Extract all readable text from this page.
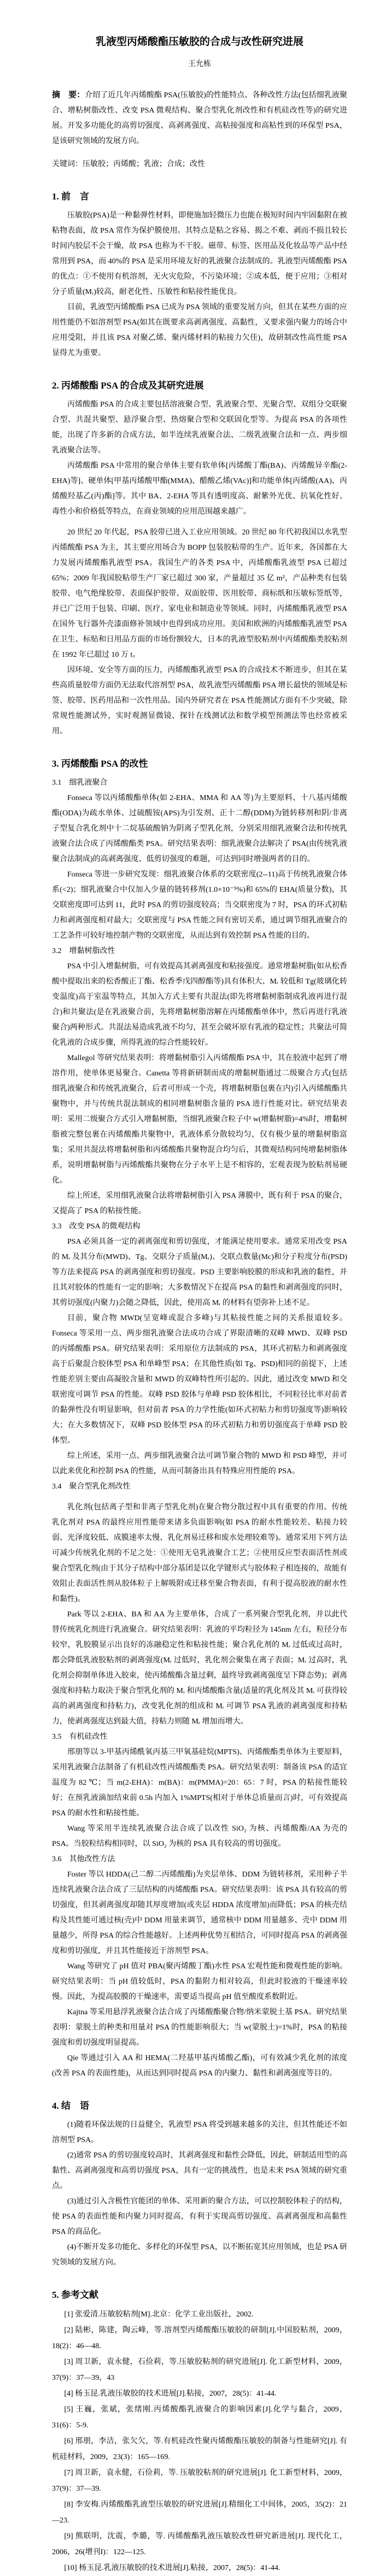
乳液型丙烯酸酯压敏胶的合成与改性研究进展
王允栋

摘　要：介绍了近几年丙烯酸酯 PSA(压敏胶)的性能特点、各种改性方法(包括细乳液聚合、增粘树脂改性、改变 PSA 微观结构、聚合型乳化剂改性和有机硅改性等)的研究进展。开发多功能化的高剪切强度、高剥离强度、高粘接强度和高粘性到的环保型 PSA，是该研究领域的发展方向。

关键词：压敏胶；丙烯酸；乳液；合成；改性

1. 前　言

压敏胶(PSA)是一种黏弹性材料，即便施加轻微压力也能在极短时间内牢固黏附在被粘物表面，故 PSA 常作为保护膜使用。其特点是粘之容易、揭之不难、剥而不损且较长时间内胶层不会干燥，故 PSA 也称为不干胶。磁带、标签、医用品及化妆品等产品中经常用到 PSA，而 40%的 PSA 是采用环境友好的乳液聚合法制成的。乳液型丙烯酸酯 PSA 的优点：①不使用有机溶剂，无火灾危险，不污染环境；②成本低，便于应用；③相对分子质量(Mᵣ)较高，耐老化性、压敏性和粘接性能优良。

目前，乳液型丙烯酸酯 PSA 已成为 PSA 领域的重要发展方向，但其在某些方面的应用性能仍不如溶剂型 PSA(如其在既要求高剥离强度、高黏性，又要求强内聚力的场合中应用受阻，并且该 PSA 对聚乙烯、聚丙烯材料的粘接力欠佳)，故研制改性高性能 PSA 显得尤为重要。

2. 丙烯酸酯 PSA 的合成及其研究进展

丙烯酸酯 PSA 的合成主要包括溶液聚合型、乳液聚合型、光聚合型、双组分交联聚合型、共混共聚型、悬浮聚合型、热熔聚合型和交联固化型等。为提高 PSA 的各项性能，出现了许多新的合成方法，如半连续乳液聚合法、二级乳液聚合法和一点、两步细乳液聚合法等。

丙烯酸酯 PSA 中常用的聚合单体主要有软单体[丙烯酸丁酯(BA)、丙烯酸异辛酯(2-EHA)等]、硬单体[甲基丙烯酸甲酯(MMA)、醋酸乙烯(VAc)]和功能单体[丙烯酸(AA)、丙烯酸羟基乙(丙)酯]等。其中 BA、2-EHA 等具有透明度高、耐紫外光优、抗氧化性好、毒性小和价格低等特点，在商业领域的应用范围越来越广。

20 世纪 20 年代起，PSA 胶带已进入工业应用领域。20 世纪 80 年代初我国以水乳型丙烯酸酯 PSA 为主，其主要应用场合为 BOPP 包装胶粘带的生产。近年来，各国都在大力发展丙烯酸酯乳液型 PSA。我国生产的各类 PSA 中，丙烯酸酯乳液型 PSA 已超过 65%；2009 年我国胶粘带生产厂家已超过 300 家，产量超过 35 亿 m²，产品种类有包装胶带、电气绝缘胶带、表面保护胶带、双面胶带、医用胶带、商标纸和压敏标签纸等，并已广泛用于包装、印刷、医疗、家电业和制造业等领域。同时，丙烯酸酯乳液型 PSA 在国外飞行器外壳漆面修补领域中也得到成功应用。美国和欧洲的丙烯酸酯乳液型 PSA 在卫生、标贴和日用品方面的市场份额较大，日本的乳液型胶粘剂中丙烯酸酯类胶粘剂在 1992 年已超过 10 万 t。

因环境、安全等方面的压力，丙烯酸酯乳液型 PSA 的合成技术不断进步，但其在某些高质量胶带方面仍无法取代溶剂型 PSA，故乳液型丙烯酸酯 PSA 增长最快的领域是标签、胶带、医药用品和一次性用品。国内外研究者在 PSA 性能测试方面有不少突破，除常规性能测试外，实时观测显微镜、探针在线测试法和数学模型预测法等也经常被采用。

3. 丙烯酸酯 PSA 的改性
3.1　细乳液聚合

Fonseca 等以丙烯酸酯单体(如 2-EHA、MMA 和 AA 等)为主要原料、十八基丙烯酸酯(ODA)为疏水单体、过硫酸铵(APS)为引发剂、正十二醇(DDM)为链转移剂和阴/非离子型复合乳化剂中十二烷基硫酸钠为阴离子型乳化剂，分别采用细乳液聚合法和传统乳液聚合法合成了丙烯酸酯类 PSA。研究结果表明：细乳液聚合法解决了 PSA(由传统乳液聚合法制成)的高剥离强度、低剪切强度的难题，可达到同时增强两者的目的。

Fonseca 等进一步研究发现：细乳液聚合体系的交联密度(2--11)高于传统乳液聚合体系(<2)；细乳液聚合中仅加入少量的链转移剂(1.0×10⁻⁵%)和 65%的 EHA(质量分数)，其交联密度即可达到 11，此时 PSA 的剪切强度较高；当交联密度为 7 时，PSA 的环式初粘力和剥离强度相对最大；交联密度与 PSA 性能之间有密切关系，通过调节细乳液聚合的工艺条件可较好地控制产物的交联密度，从而达到有效控制 PSA 性能的目的。

3.2　增黏树脂改性

PSA 中引入增黏树脂，可有效提高其剥离强度和粘接强度。通常增黏树脂(如从松香酸中提取出来的松香酸正丁酯、松香季戊四醇酯等)具有体积大、Mᵣ 较低和 Tg(玻璃化转变温度)高于室温等特点，其加入方式主要有共混法(即先将增黏树脂制成乳液再进行混合)和共聚法(是在乳液聚合前，先将增黏树脂溶解在丙烯酸酯单体中，然后再进行乳液聚合)两种形式。共混法易造成乳液不均匀，甚至会破坏原有乳液的稳定性；共聚法可简化乳液的合成步骤，所得乳液的综合性能较好。

Mallegol 等研究结果表明：将增黏树脂引入丙烯酸酯 PSA 中，其在胶液中起到了增溶作用，使单体更易聚合。Canetta 等将新研制而成的增黏树脂通过二级聚合方式(包括细乳液聚合和传统乳液聚合，后者可形成一个壳，将增黏树脂包裹在内)引入丙烯酸酯共聚物中，并与传统共混法制成的相同增黏树脂含量的 PSA 进行性能对比。研究结果表明：采用二级聚合方式引入增黏树脂，当细乳液聚合粒子中 w(增黏树脂)=4%时，增黏树脂被完整包裹在丙烯酸酯共聚物中，乳液体系分散较均匀，仅有极少量的增黏树脂富集；采用共混法将增黏树脂和丙烯酸酯共聚物混合均匀后，其微观结构同纯增黏树脂体系，说明增黏树脂与丙烯酸酯共聚物在分子水平上是不相容的，宏观表现为胶粘剂易硬化。

综上所述，采用细乳液聚合法将增黏树脂引入 PSA 薄膜中，既有利于 PSA 的聚合，又提高了 PSA 的粘接性能。

3.3　改变 PSA 的微观结构

PSA 必须具备一定的剥离强度和剪切强度，才能满足使用要求。通常采用改变 PSA 的 Mᵣ 及其分布(MWD)、Tg、交联分子质量(Mₑ)、交联点数量(Mc)和分子粒度分布(PSD)等方法来提高 PSA 的剥离强度和剪切强度。PSD 主要影响胶膜的形成和乳液的黏性，并且其对胶体的性能有一定的影响；大多数情况下在提高 PSA 的黏性和剥离强度的同时，其剪切强度(内聚力)会随之降低，因此，使用高 Mᵣ 的材料有望弥补上述不足。

目前，聚合物 MWD(呈宽峰或混合多峰)与其粘接性能之间的关系报道较多。Fonseca 等采用一点、两步细乳液聚合法成功合成了界限清晰的双峰 MWD、双峰 PSD 的丙烯酸酯 PSA。研究结果表明：采用原位方法制成的 PSA，其环式初粘力和剥离强度高于后聚混合胶体型 PSA 和单峰型 PSA；在其他性质(如 Tg、PSD)相同的前提下，上述性能差别主要由高凝胶含量和 MWD 的双峰特性所引起的。因此，通过改变 MWD 和交联密度可调节 PSA 的性能。双峰 PSD 胶体与单峰 PSD 胶体相比，不同粒径比率对前者的黏弹性没有明显影响，但对前者 PSA 的力学性能(如环式初粘力和剪切强度等)影响较大；在大多数情况下，双峰 PSD 胶体型 PSA 的环式初粘力和剪切强度高于单峰 PSD 胶体型。

综上所述，采用一点、两步细乳液聚合法可调节聚合物的 MWD 和 PSD 峰型，并可以此来优化和控制 PSA 的性能，从而可制备出具有特殊应用性能的 PSA。

3.4　聚合型乳化剂改性

乳化剂(包括离子型和非离子型乳化剂)在聚合物分散过程中具有重要的作用。传统乳化剂对 PSA 的最终应用性能带来诸多负面影响(如 PSA 的耐水性能较差、粘接力较弱、光泽度较低、成膜速率太慢、乳化剂易迁移和废水处理较难等)。通常采用下列方法可减少传统乳化剂的不足之处：①使用无皂乳液聚合工艺；②使用反应型表面活性剂或聚合型乳化剂(由于其分子结构中部分基团是以化学键形式与胶体粒子相连接的，故能有效阻止表面活性剂从胶体粒子上解吸附或迁移至聚合物表面，有利于提高胶液的耐水性和黏性)。

Park 等以 2-EHA、BA 和 AA 为主要单体，合成了一系列聚合型乳化剂，并以此代替传统乳化剂进行乳液聚合。研究结果表明：乳液的平均粒径为 145nm 左右，粒径分布较窄，乳胶膜显示出良好的冻融稳定性和粘接性能；聚合乳化剂的 Mᵣ 过低或过高时，都会降低乳液胶粘剂的剥离强度(Mᵣ 过低时，乳化剂会聚集在离子表面；Mᵣ 过高时，乳化剂会抑制单体进入胶束，使丙烯酸酯含量过剩，最终导致剥离强度呈下降态势)；剥离强度和持粘力取决于聚合型乳化剂的 Mᵣ 和丙烯酸酯含量(适量的乳化剂及其 Mᵣ 可获得较高的剥离强度和持粘力)，改变乳化剂的组成和 Mᵣ 可调节 PSA 乳液的剥离强度和持粘力，使剥离强度达到最大值，持粘力则随 Mᵣ 增加而增大。

3.5　有机硅改性

邢朋等以 3-甲基丙烯酰氧丙基三甲氧基硅烷(MPTS)、丙烯酸酯类单体为主要原料，采用乳液聚合法制备了有机硅改性丙烯酸酯类 PSA。研究结果表明：制备该 PSA 的适宜温度为 82 ℃；当 m(2-EHA)：m(BA)：m(PMMA)=20：65：7 时，PSA 的粘接性能较好；在预乳液滴加结束前 0.5h 内加入 1%MPTS(相对于单体总质量而言)时，可有效提高 PSA 的耐水性和粘接性能。

Wang 等采用半连续乳液聚合法合成了以改性 SiO₂ 为核、丙烯酸酯/AA 为壳的 PSA。当胶粒结构相同时，以 SiO₂ 为核的 PSA 具有较高的剪切强度。

3.6　其他改性方法

Foster 等以 HDDA(己二醇二丙烯酸酯)为夹层单体、DDM 为链转移剂，采用种子半连续乳液聚合法合成了三层结构的丙烯酸酯 PSA。研究结果表明：该 PSA 具有较高的剪切强度，但其剥离强度却随其厚度增加(或夹层 HDDA 浓度增加)而降低；PSA 的核壳结构及其性能可通过核(壳)中 DDM 用量来调节，通常核中 DDM 用量越多、壳中 DDM 用量越少，所得 PSA 的综合性能越好。上述两种优势互相结合，可同时提高 PSA 的剥离强度和剪切强度，并且其性能接近于溶剂型 PSA。

Wang 等研究了 pH 值对 PBA(聚丙烯酸丁酯)水性 PSA 宏观性能和微观性能的影响。研究结果表明：当 pH 值较低时，PSA 的黏附力相对较高，但此时胶液的干燥速率较慢。因此，为提高胶膜的干燥速率，需要适当提高 pH 值至酸度系数附近。

Kajtna 等采用悬浮乳液聚合法合成了丙烯酸酯聚合物/纳米蒙脱土基 PSA。研究结果表明：蒙脱土的种类和用量对 PSA 的性能影响很大；当 w(蒙脱土)=1%时，PSA 的粘接强度和剪切强度明显提高。

Qie 等通过引入 AA 和 HEMA(二羟基甲基丙烯酸乙酯)，可有效减少乳化剂的浓度(改善 PSA 的表面性能)，从而达到同时提高 PSA 的内聚力、黏性和剥离强度等目的。

4. 结　语

(1)随着环保法规的日益健全，乳液型 PSA 将受到越来越多的关注，但其性能还不如溶剂型 PSA。

(2)通常 PSA 的剪切强度较高时，其剥离强度和黏性会降低，因此，研制适用型的高黏性、高剥离强度和高剪切强度 PSA，具有一定的挑战性，也是未来 PSA 领域的研究重点。

(3)通过引入含极性官能团的单体、采用新的聚合方法，可以控制胶体粒子的结构，使 PSA 的表面性能和内聚力同时提高，有利于实现高剪切强度、高剥离强度和高黏性 PSA 的商品化。

(4)不断开发多功能化、多样化的环保型 PSA，以不断拓宽其应用领域，也是 PSA 研究领域的发展方向。

5. 参考文献

[1] 张爱清.压敏胶粘剂[M].北京：化学工业出版社，2002.

[2] 陆彬，陈建，陶云峰，等.溶剂型丙烯酸酯压敏胶的研制[J].中国胶粘剂，2009，18(2)：46—48.

[3] 周卫新，袁永健，石俭莉，等.压敏胶粘剂的研究进展[J]. 化工新型材料，2009，37(9)：37—39，43

[4] 杨玉昆.乳液压敏胶的技术进展[J].粘接，2007，28(5)：41-44.

[5] 王巍，张斌，张绪刚.丙烯酸酯乳液聚合的影响因素[J].化学与黏合，2009，31(6)：5-9.

[6] 邢朋，李洁，张欠欠，等.有机硅改性聚丙烯酸酯压敏胶的制备与性能研究[J]. 有机硅材料，2009，23(3)：165—169.

[7] 周卫新，袁永健，石俭莉，等. 压敏胶粘剂的研究进展[J]. 化工新型材料，2009，37(9)：37—39.

[8] 李安梅.丙烯酸酯乳液型压敏胶的研究进展[J].精细化工中间体，2005，35(2)：21—23.

[9] 熊联明，沈震，李璐，等. 丙烯酸酯乳液压敏胶改性研究新进展[J]. 现代化工，2006，26(增刊I)：122—125.

[10] 杨玉昆.乳液压敏胶的技术进展[J].粘接，2007，28(5)：41-44.
